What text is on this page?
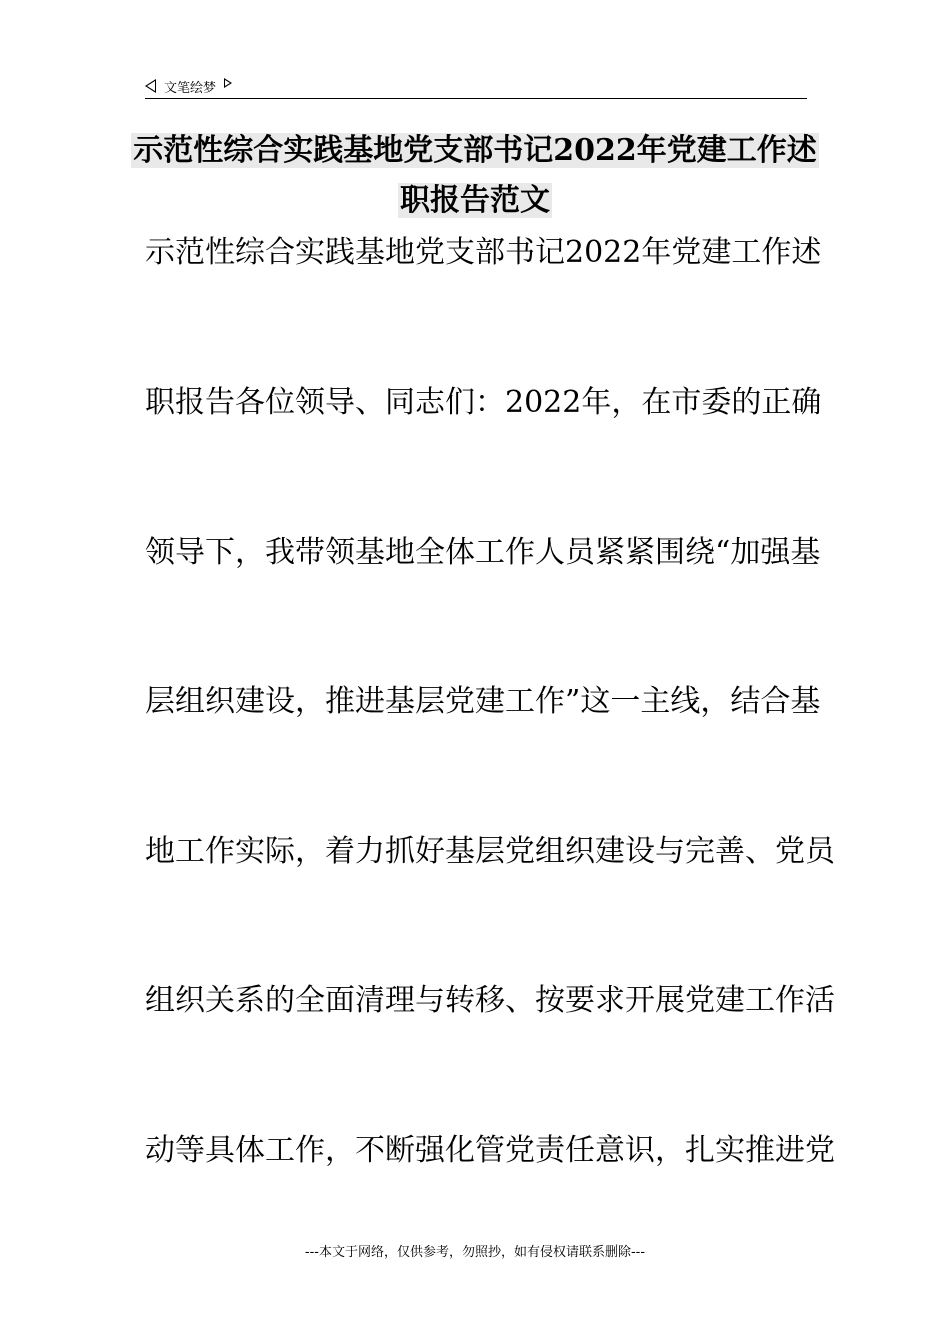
文笔绘梦
示范性综合实践基地党支部书记2022年党建工作述
职报告范文
示范性综合实践基地党支部书记2022年党建工作述
职报告各位领导、同志们：2022年，在市委的正确
领导下，我带领基地全体工作人员紧紧围绕“加强基
层组织建设，推进基层党建工作”这一主线，结合基
地工作实际，着力抓好基层党组织建设与完善、党员
组织关系的全面清理与转移、按要求开展党建工作活
动等具体工作，不断强化管党责任意识，扎实推进党
---本文于网络，仅供参考，勿照抄，如有侵权请联系删除---
